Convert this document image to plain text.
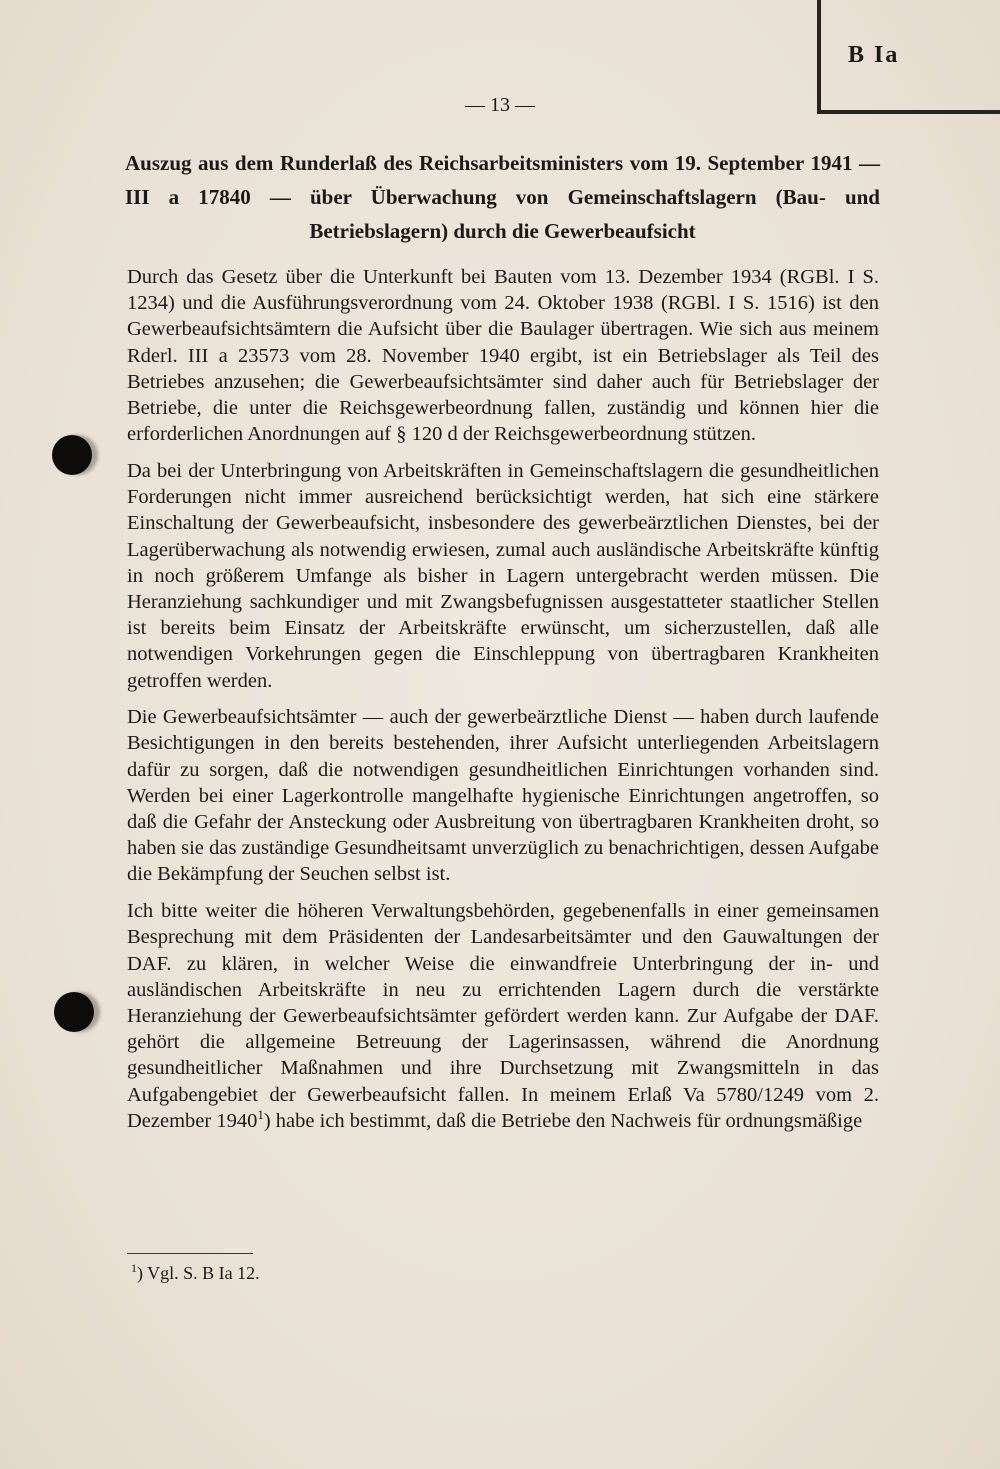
B Ia
— 13 —
Auszug aus dem Runderlaß des Reichsarbeitsministers vom 19. September 1941 — III a 17840 — über Überwachung von Gemeinschaftslagern (Bau- und Betriebslagern) durch die Gewerbeaufsicht

Durch das Gesetz über die Unterkunft bei Bauten vom 13. Dezember 1934 (RGBl. I S. 1234) und die Ausführungsverordnung vom 24. Oktober 1938 (RGBl. I S. 1516) ist den Gewerbeaufsichtsämtern die Aufsicht über die Baulager übertragen. Wie sich aus meinem Rderl. III a 23573 vom 28. November 1940 ergibt, ist ein Betriebslager als Teil des Betriebes anzusehen; die Gewerbeaufsichtsämter sind daher auch für Betriebslager der Betriebe, die unter die Reichsgewerbeordnung fallen, zuständig und können hier die erforderlichen Anordnungen auf § 120 d der Reichsgewerbeordnung stützen.

Da bei der Unterbringung von Arbeitskräften in Gemeinschaftslagern die gesundheitlichen Forderungen nicht immer ausreichend berücksichtigt werden, hat sich eine stärkere Einschaltung der Gewerbeaufsicht, insbesondere des gewerbeärztlichen Dienstes, bei der Lagerüberwachung als notwendig erwiesen, zumal auch ausländische Arbeitskräfte künftig in noch größerem Umfange als bisher in Lagern untergebracht werden müssen. Die Heranziehung sachkundiger und mit Zwangsbefugnissen ausgestatteter staatlicher Stellen ist bereits beim Einsatz der Arbeitskräfte erwünscht, um sicherzustellen, daß alle notwendigen Vorkehrungen gegen die Einschleppung von übertragbaren Krankheiten getroffen werden.

Die Gewerbeaufsichtsämter — auch der gewerbeärztliche Dienst — haben durch laufende Besichtigungen in den bereits bestehenden, ihrer Aufsicht unterliegenden Arbeitslagern dafür zu sorgen, daß die notwendigen gesundheitlichen Einrichtungen vorhanden sind. Werden bei einer Lagerkontrolle mangelhafte hygienische Einrichtungen angetroffen, so daß die Gefahr der Ansteckung oder Ausbreitung von übertragbaren Krankheiten droht, so haben sie das zuständige Gesundheitsamt unverzüglich zu benachrichtigen, dessen Aufgabe die Bekämpfung der Seuchen selbst ist.

Ich bitte weiter die höheren Verwaltungsbehörden, gegebenenfalls in einer gemeinsamen Besprechung mit dem Präsidenten der Landesarbeitsämter und den Gauwaltungen der DAF. zu klären, in welcher Weise die einwandfreie Unterbringung der in- und ausländischen Arbeitskräfte in neu zu errichtenden Lagern durch die verstärkte Heranziehung der Gewerbeaufsichtsämter gefördert werden kann. Zur Aufgabe der DAF. gehört die allgemeine Betreuung der Lagerinsassen, während die Anordnung gesundheitlicher Maßnahmen und ihre Durchsetzung mit Zwangsmitteln in das Aufgabengebiet der Gewerbeaufsicht fallen. In meinem Erlaß Va 5780/1249 vom 2. Dezember 1940$^1$) habe ich bestimmt, daß die Betriebe den Nachweis für ordnungsmäßige

$^1$) Vgl. S. B Ia 12.
